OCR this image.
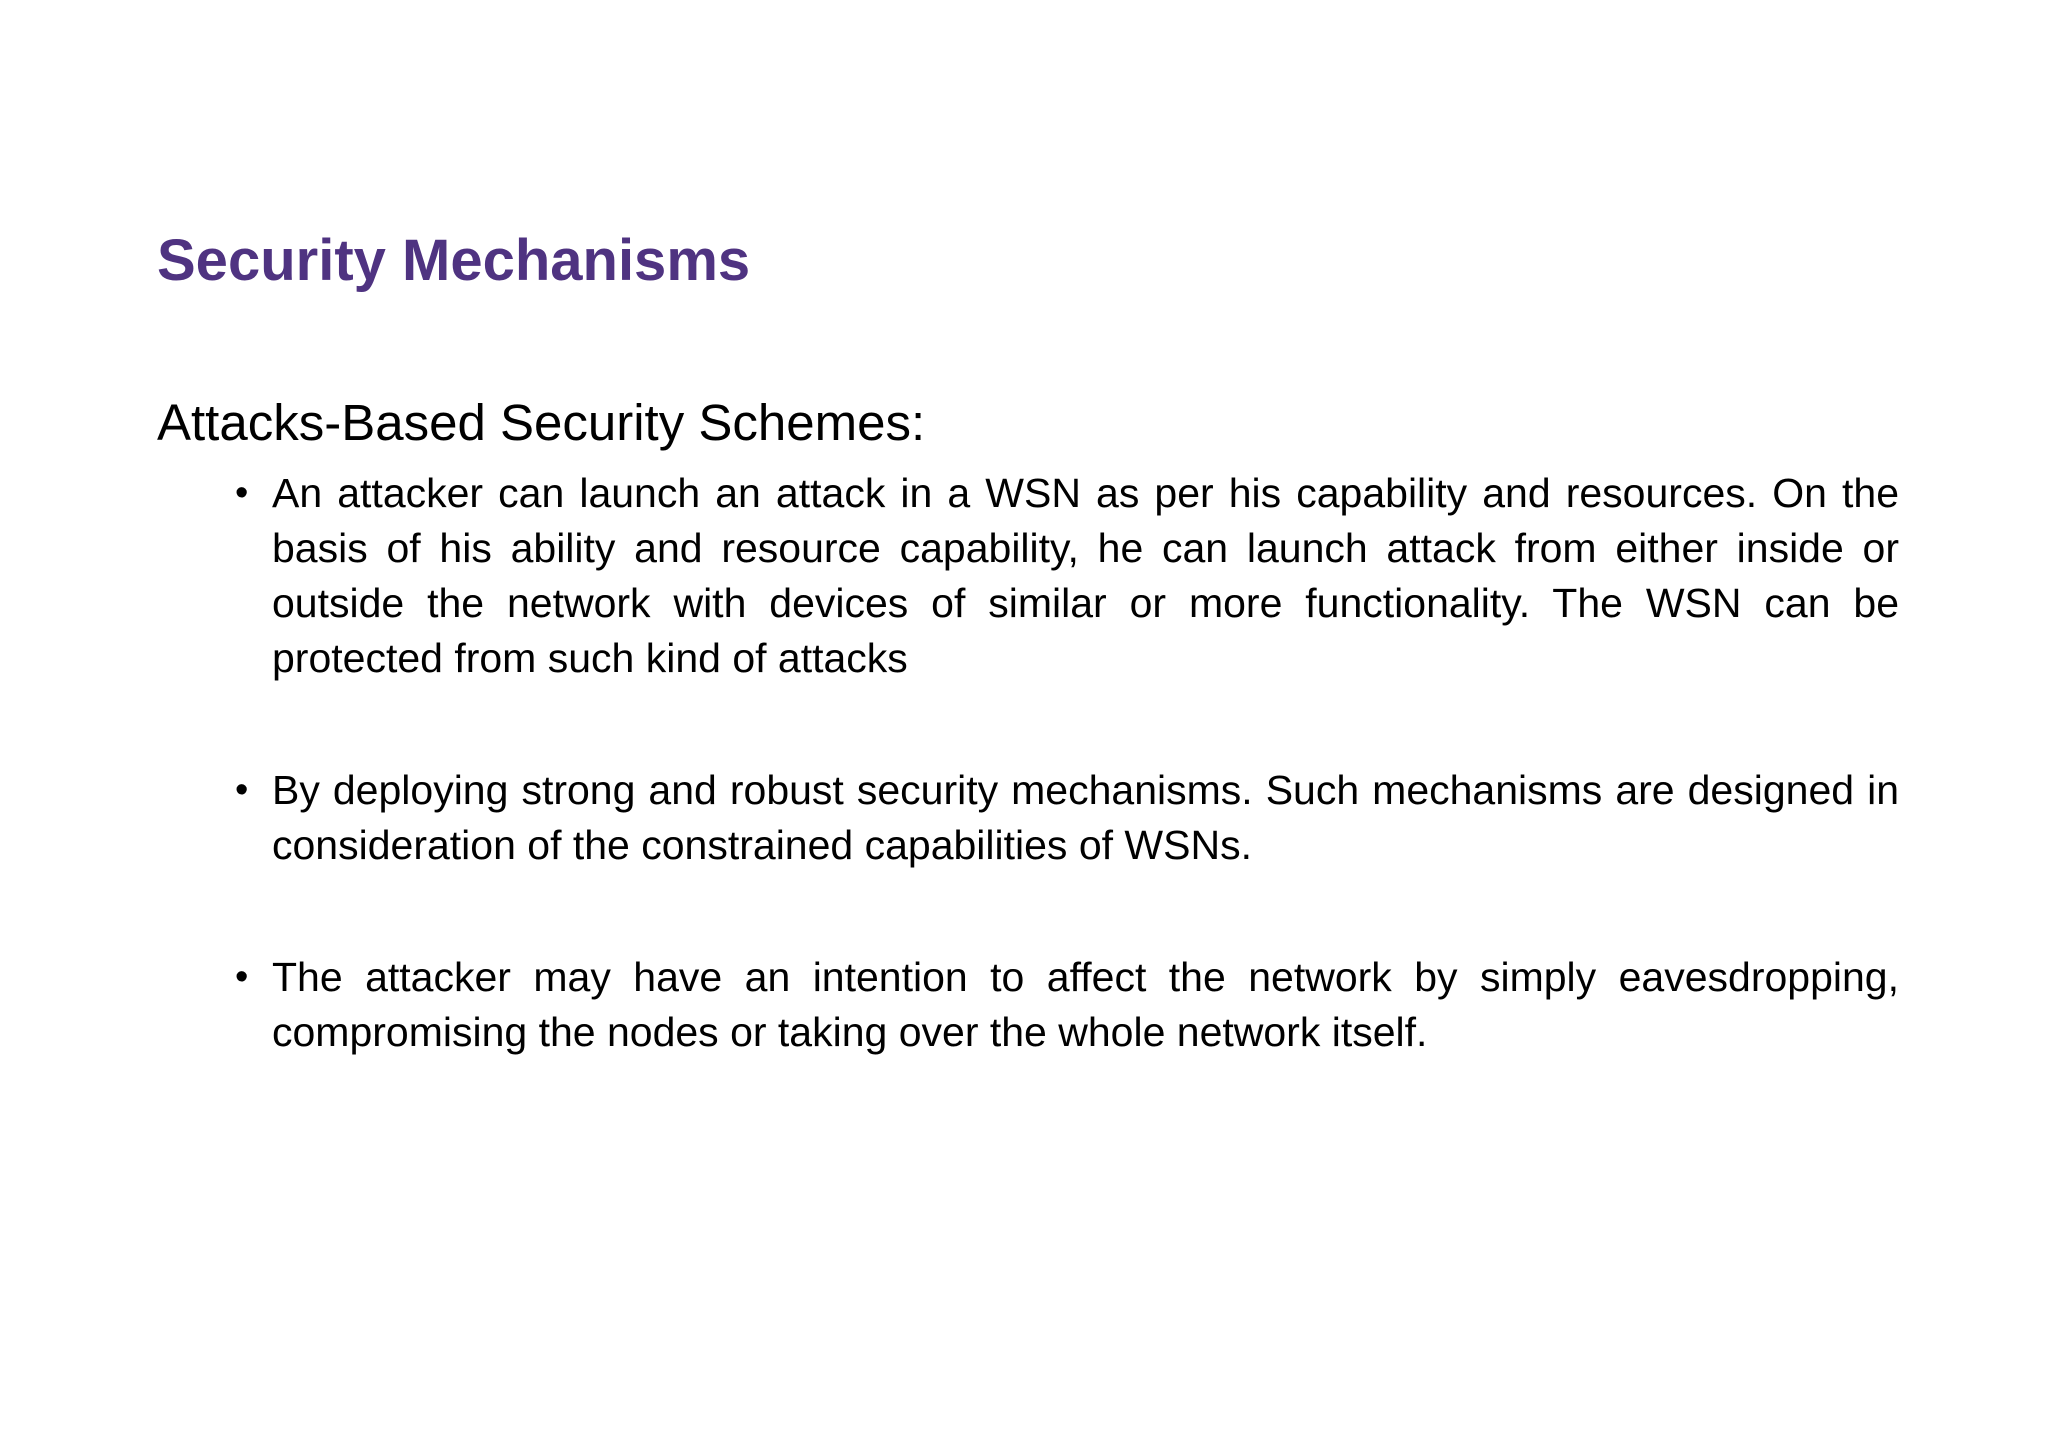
Security Mechanisms
Attacks-Based Security Schemes:
• An attacker can launch an attack in a WSN as per his capability and resources. On the basis of his ability and resource capability, he can launch attack from either inside or outside the network with devices of similar or more functionality. The WSN can be protected from such kind of attacks
• By deploying strong and robust security mechanisms. Such mechanisms are designed in consideration of the constrained capabilities of WSNs.
• The attacker may have an intention to affect the network by simply eavesdropping, compromising the nodes or taking over the whole network itself.
